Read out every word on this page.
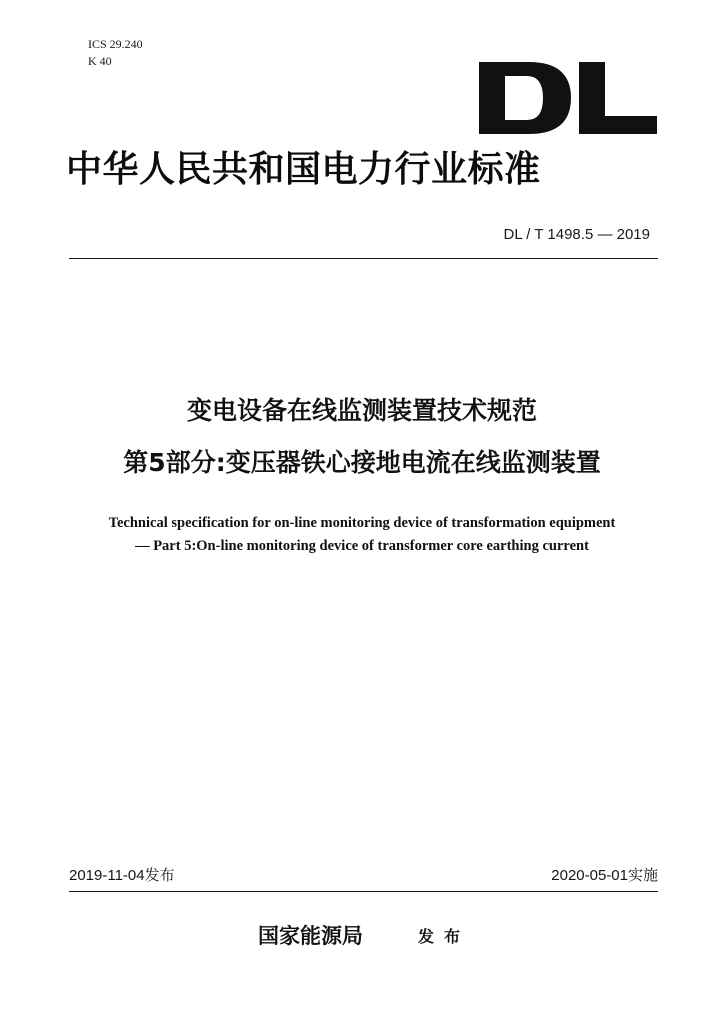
ICS 29.240
K 40
中华人民共和国电力行业标准
DL / T 1498.5 — 2019
变电设备在线监测装置技术规范
第5部分:变压器铁心接地电流在线监测装置
Technical specification for on-line monitoring device of transformation equipment
— Part 5:On-line monitoring device of transformer core earthing current
2019-11-04发布	2020-05-01实施
国家能源局	发布
